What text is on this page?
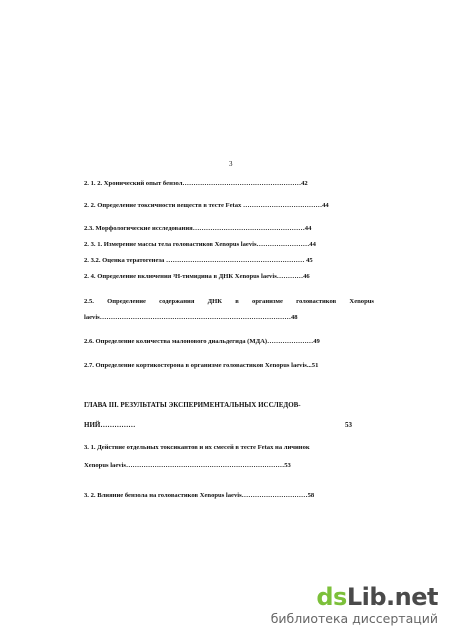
3
2. 1. 2. Хронический опыт бензол………………………………………………42
2. 2. Определение токсичности веществ в тесте Fetax ………………………………44
2.3. Морфологические исследования……………………………………………44
2. 3. 1. Измерение массы тела головастиков Xenopus laevis……………………44
2. 3.2. Оценка тератогенеза ……………………………………………………… 45
2. 4. Определение включения ³H-тимидина в ДНК Xenopus laevis…………46
2.5. Определение содержания ДНК в организме головастиков Xenopus
laevis……………………………………………………………………………48
2.6. Определение количества малонового диальдегида (МДА)…………………49
2.7. Определение кортикостерона в организме головастиков Xenopus laevis...51
ГЛАВА III. РЕЗУЛЬТАТЫ ЭКСПЕРИМЕНТАЛЬНЫХ ИССЛЕДОВ-
НИЙ……………	53
3. 1. Действие отдельных токсикантов и их смесей в тесте Fetax на личинок
Xenopus laevis………………………………………………………………53
3. 2. Влияние бензола на головастиков Xenopus laevis…………………………58
dsLib.net
библиотека диссертаций
